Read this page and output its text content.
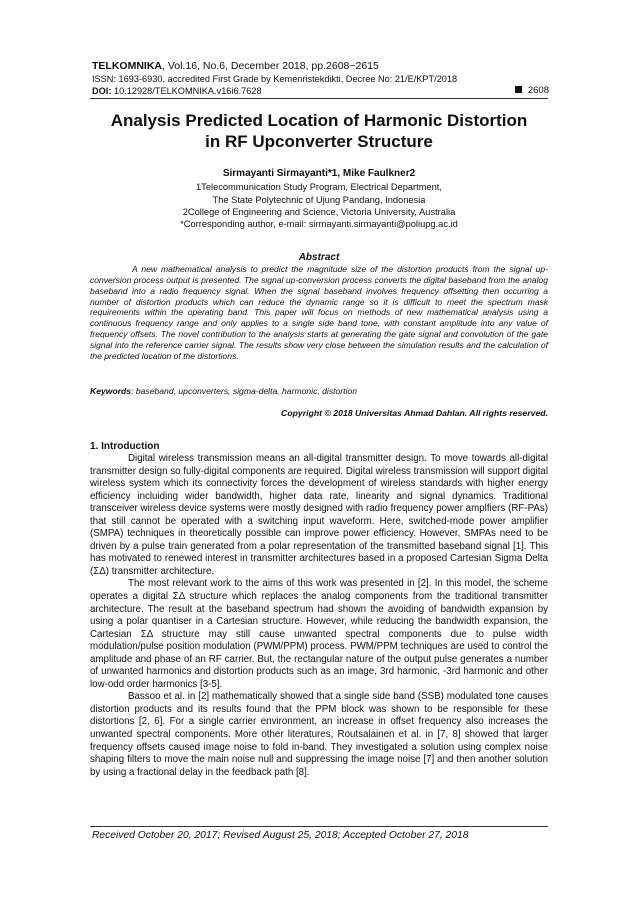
TELKOMNIKA, Vol.16, No.6, December 2018, pp.2608~2615
ISSN: 1693-6930, accredited First Grade by Kemenristekdikti, Decree No: 21/E/KPT/2018
DOI: 10.12928/TELKOMNIKA.v16i6.7628	2608
Analysis Predicted Location of Harmonic Distortion
in RF Upconverter Structure
Sirmayanti Sirmayanti*1, Mike Faulkner2
1Telecommunication Study Program, Electrical Department,
The State Polytechnic of Ujung Pandang, Indonesia
2College of Engineering and Science, Victoria University, Australia
*Corresponding author, e-mail: sirmayanti.sirmayanti@poliupg.ac.id
Abstract
A new mathematical analysis to predict the magnitude size of the distortion products from the signal up-conversion process output is presented. The signal up-conversion process converts the digital baseband from the analog baseband into a radio frequency signal. When the signal baseband involves frequency offsetting then occurring a number of distortion products which can reduce the dynamic range so it is difficult to meet the spectrum mask requirements within the operating band. This paper will focus on methods of new mathematical analysis using a continuous frequency range and only applies to a single side band tone, with constant amplitude into any value of frequency offsets. The novel contribution to the analysis starts at generating the gate signal and convolution of the gate signal into the reference carrier signal. The results show very close between the simulation results and the calculation of the predicted location of the distortions.
Keywords: baseband, upconverters, sigma-delta, harmonic, distortion
Copyright © 2018 Universitas Ahmad Dahlan. All rights reserved.
1. Introduction

Digital wireless transmission means an all-digital transmitter design. To move towards all-digital transmitter design so fully-digital components are required. Digital wireless transmission will support digital wireless system which its connectivity forces the development of wireless standards with higher energy efficiency incluiding wider bandwidth, higher data rate, linearity and signal dynamics. Traditional transceiver wireless device systems were mostly designed with radio frequency power amplfiers (RF-PAs) that still cannot be operated with a switching input waveform. Here, switched-mode power amplifier (SMPA) techniques in theoretically possible can improve power efficiency. However, SMPAs need to be driven by a pulse train generated from a polar representation of the transmitted baseband signal [1]. This has motivated to renewed interest in transmitter architectures based in a proposed Cartesian Sigma Delta (ΣΔ) transmitter architecture.

The most relevant work to the aims of this work was presented in [2]. In this model, the scheme operates a digital ΣΔ structure which replaces the analog components from the traditional transmitter architecture. The result at the baseband spectrum had shown the avoiding of bandwidth expansion by using a polar quantiser in a Cartesian structure. However, while reducing the bandwidth expansion, the Cartesian ΣΔ structure may still cause unwanted spectral components due to pulse width modulation/pulse position modulation (PWM/PPM) process. PWM/PPM techniques are used to control the amplitude and phase of an RF carrier. But, the rectangular nature of the output pulse generates a number of unwanted harmonics and distortion products such as an image, 3rd harmonic, -3rd harmonic and other low-odd order harmonics [3-5].

Bassoo et al. in [2] mathematically showed that a single side band (SSB) modulated tone causes distortion products and its results found that the PPM block was shown to be responsible for these distortions [2, 6]. For a single carrier environment, an increase in offset frequency also increases the unwanted spectral components. More other literatures, Routsalainen et al. in [7, 8] showed that larger frequency offsets caused image noise to fold in-band. They investigated a solution using complex noise shaping filters to move the main noise null and suppressing the image noise [7] and then another solution by using a fractional delay in the feedback path [8].

Received October 20, 2017; Revised August 25, 2018; Accepted October 27, 2018
